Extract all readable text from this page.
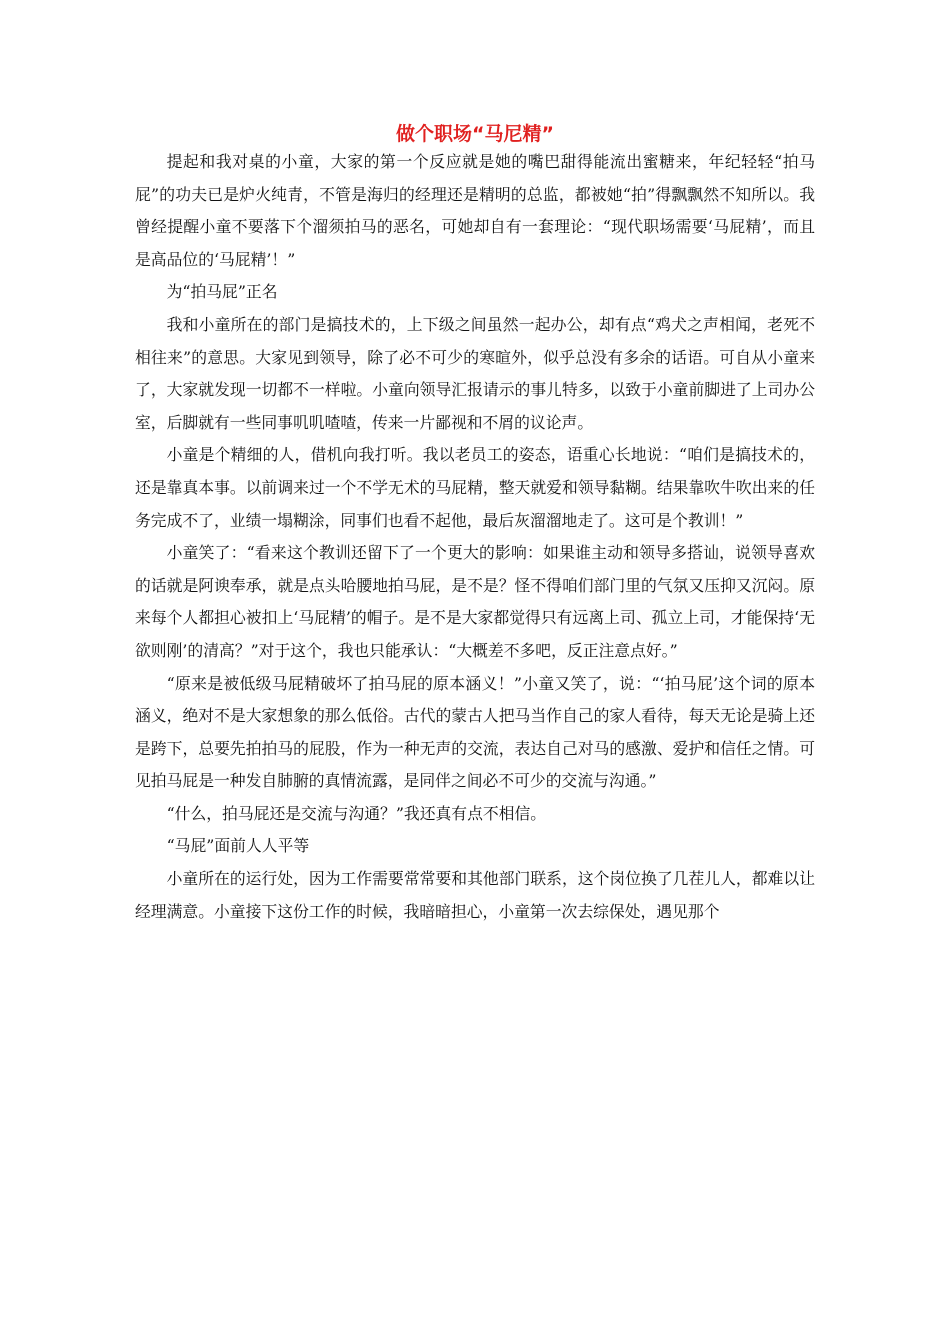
做个职场“马尼精”

提起和我对桌的小童，大家的第一个反应就是她的嘴巴甜得能流出蜜糖来，年纪轻轻“拍马屁”的功夫已是炉火纯青，不管是海归的经理还是精明的总监，都被她“拍”得飘飘然不知所以。我曾经提醒小童不要落下个溜须拍马的恶名，可她却自有一套理论：“现代职场需要‘马屁精’，而且是高品位的‘马屁精’！”

为“拍马屁”正名

我和小童所在的部门是搞技术的，上下级之间虽然一起办公，却有点“鸡犬之声相闻，老死不相往来”的意思。大家见到领导，除了必不可少的寒暄外，似乎总没有多余的话语。可自从小童来了，大家就发现一切都不一样啦。小童向领导汇报请示的事儿特多，以致于小童前脚进了上司办公室，后脚就有一些同事叽叽喳喳，传来一片鄙视和不屑的议论声。

小童是个精细的人，借机向我打听。我以老员工的姿态，语重心长地说：“咱们是搞技术的，还是靠真本事。以前调来过一个不学无术的马屁精，整天就爱和领导黏糊。结果靠吹牛吹出来的任务完成不了，业绩一塌糊涂，同事们也看不起他，最后灰溜溜地走了。这可是个教训！”

小童笑了：“看来这个教训还留下了一个更大的影响：如果谁主动和领导多搭讪，说领导喜欢的话就是阿谀奉承，就是点头哈腰地拍马屁，是不是？怪不得咱们部门里的气氛又压抑又沉闷。原来每个人都担心被扣上‘马屁精’的帽子。是不是大家都觉得只有远离上司、孤立上司，才能保持‘无欲则刚’的清高？”对于这个，我也只能承认：“大概差不多吧，反正注意点好。”

“原来是被低级马屁精破坏了拍马屁的原本涵义！”小童又笑了，说：“‘拍马屁’这个词的原本涵义，绝对不是大家想象的那么低俗。古代的蒙古人把马当作自己的家人看待，每天无论是骑上还是跨下，总要先拍拍马的屁股，作为一种无声的交流，表达自己对马的感激、爱护和信任之情。可见拍马屁是一种发自肺腑的真情流露，是同伴之间必不可少的交流与沟通。”

“什么，拍马屁还是交流与沟通？”我还真有点不相信。

“马屁”面前人人平等

小童所在的运行处，因为工作需要常常要和其他部门联系，这个岗位换了几茬儿人，都难以让经理满意。小童接下这份工作的时候，我暗暗担心，小童第一次去综保处，遇见那个
